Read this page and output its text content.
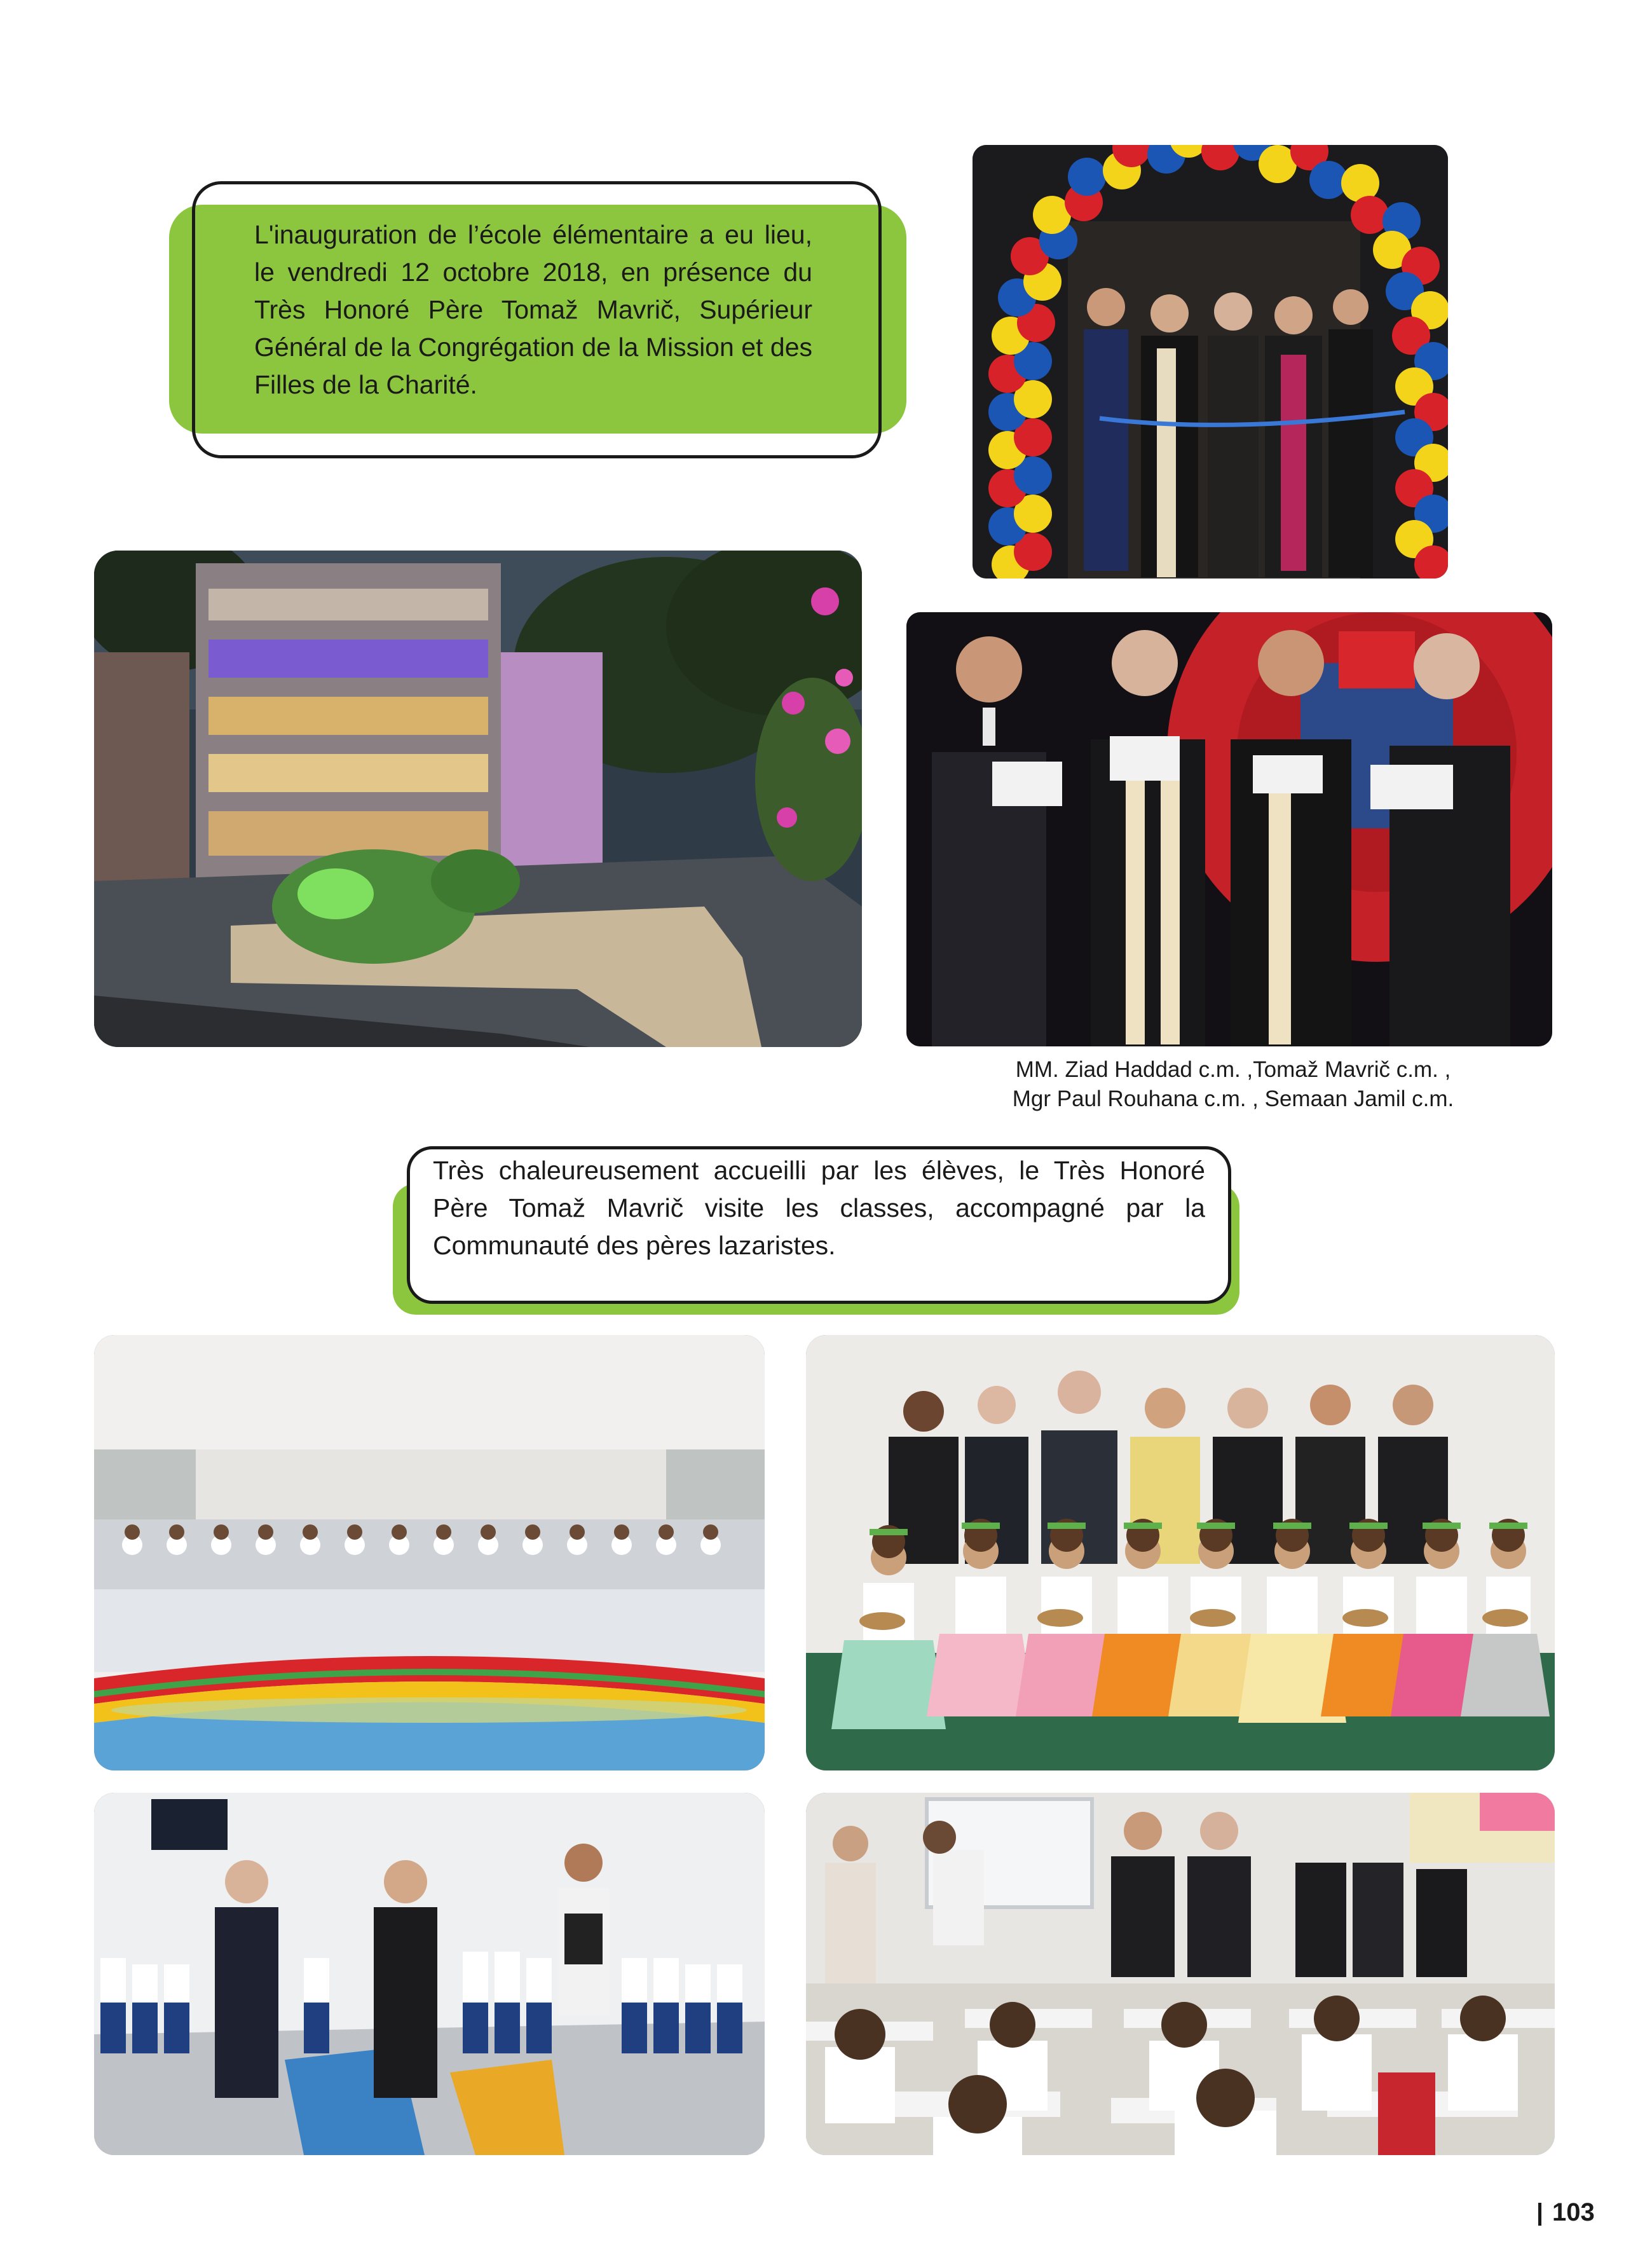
L'inauguration de l’école élémentaire a eu lieu, le vendredi 12 octobre 2018, en présence du Très Honoré Père Tomaž Mavrič, Supérieur Général de la Congrégation de la Mission et des Filles de la Charité.

MM. Ziad Haddad c.m. ,Tomaž Mavrič c.m. ,
Mgr Paul Rouhana c.m. , Semaan Jamil c.m.

Très chaleureusement accueilli par les élèves, le Très Honoré Père Tomaž Mavrič visite les classes, accompagné par la Communauté des pères lazaristes.

103
